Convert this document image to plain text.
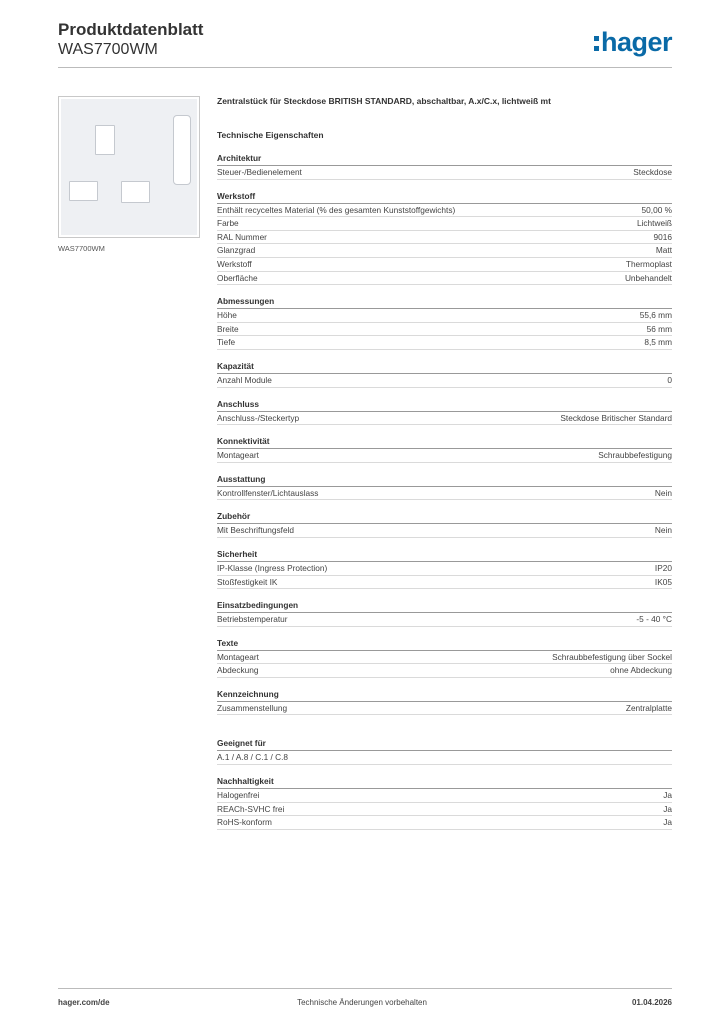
Produktdatenblatt
WAS7700WM	hager
WAS7700WM
Zentralstück für Steckdose BRITISH STANDARD, abschaltbar, A.x/C.x, lichtweiß mt
Technische Eigenschaften
Architektur
Steuer-/Bedienelement	Steckdose
Werkstoff
Enthält recyceltes Material (% des gesamten Kunststoffgewichts)	50,00 %
Farbe	Lichtweiß
RAL Nummer	9016
Glanzgrad	Matt
Werkstoff	Thermoplast
Oberfläche	Unbehandelt
Abmessungen
Höhe	55,6 mm
Breite	56 mm
Tiefe	8,5 mm
Kapazität
Anzahl Module	0
Anschluss
Anschluss-/Steckertyp	Steckdose Britischer Standard
Konnektivität
Montageart	Schraubbefestigung
Ausstattung
Kontrollfenster/Lichtauslass	Nein
Zubehör
Mit Beschriftungsfeld	Nein
Sicherheit
IP-Klasse (Ingress Protection)	IP20
Stoßfestigkeit IK	IK05
Einsatzbedingungen
Betriebstemperatur	-5 - 40 °C
Texte
Montageart	Schraubbefestigung über Sockel
Abdeckung	ohne Abdeckung
Kennzeichnung
Zusammenstellung	Zentralplatte
Geeignet für
A.1 / A.8 / C.1 / C.8
Nachhaltigkeit
Halogenfrei	Ja
REACh-SVHC frei	Ja
RoHS-konform	Ja
hager.com/de	Technische Änderungen vorbehalten	01.04.2026
